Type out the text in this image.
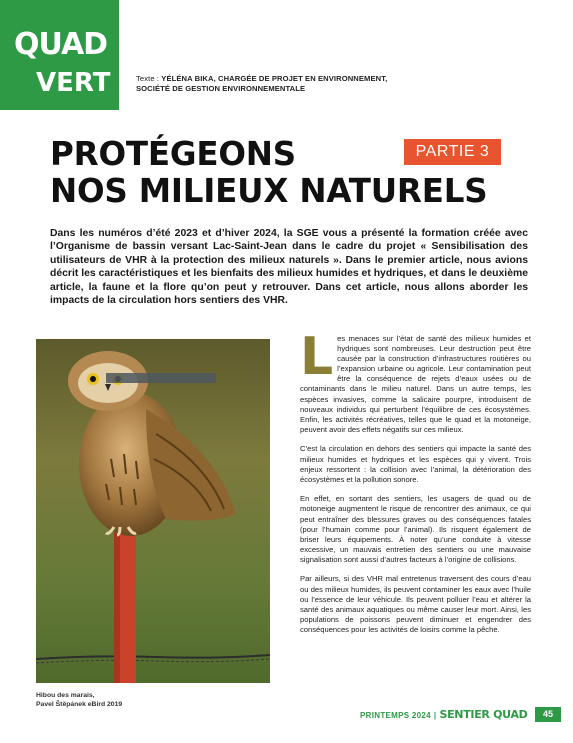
QUAD
VERT	Texte : YÉLÉNA BIKA, CHARGÉE DE PROJET EN ENVIRONNEMENT,
SOCIÉTÉ DE GESTION ENVIRONNEMENTALE
PROTÉGEONS
NOS MILIEUX NATURELS
PARTIE 3
Dans les numéros d’été 2023 et d’hiver 2024, la SGE vous a présenté la formation créée avec l’Organisme de bassin versant Lac-Saint-Jean dans le cadre du projet « Sensibilisation des utilisateurs de VHR à la protection des milieux naturels ». Dans le premier article, nous avions décrit les caractéristiques et les bienfaits des milieux humides et hydriques, et dans le deuxième article, la faune et la flore qu’on peut y retrouver. Dans cet article, nous allons aborder les impacts de la circulation hors sentiers des VHR.
Hibou des marais,
Pavel Štěpánek eBird 2019

Les menaces sur l’état de santé des milieux humides et hydriques sont nombreuses. Leur destruction peut être causée par la construction d’infrastructures routières ou l’expansion urbaine ou agricole. Leur contamination peut être la conséquence de rejets d’eaux usées ou de contaminants dans le milieu naturel. Dans un autre temps, les espèces invasives, comme la salicaire pourpre, introduisent de nouveaux individus qui perturbent l’équilibre de ces écosystèmes. Enfin, les activités récréatives, telles que le quad et la motoneige, peuvent avoir des effets négatifs sur ces milieux.

C’est la circulation en dehors des sentiers qui impacte la santé des milieux humides et hydriques et les espèces qui y vivent. Trois enjeux ressortent : la collision avec l’animal, la détérioration des écosystèmes et la pollution sonore.

En effet, en sortant des sentiers, les usagers de quad ou de motoneige augmentent le risque de rencontrer des animaux, ce qui peut entraîner des blessures graves ou des conséquences fatales (pour l’humain comme pour l’animal). Ils risquent également de briser leurs équipements. À noter qu’une conduite à vitesse excessive, un mauvais entretien des sentiers ou une mauvaise signalisation sont aussi d’autres facteurs à l’origine de collisions.

Par ailleurs, si des VHR mal entretenus traversent des cours d’eau ou des milieux humides, ils peuvent contaminer les eaux avec l’huile ou l’essence de leur véhicule. Ils peuvent polluer l’eau et altérer la santé des animaux aquatiques ou même causer leur mort. Ainsi, les populations de poissons peuvent diminuer et engendrer des conséquences pour les activités de loisirs comme la pêche.

PRINTEMPS 2024 | SENTIER QUAD	45
